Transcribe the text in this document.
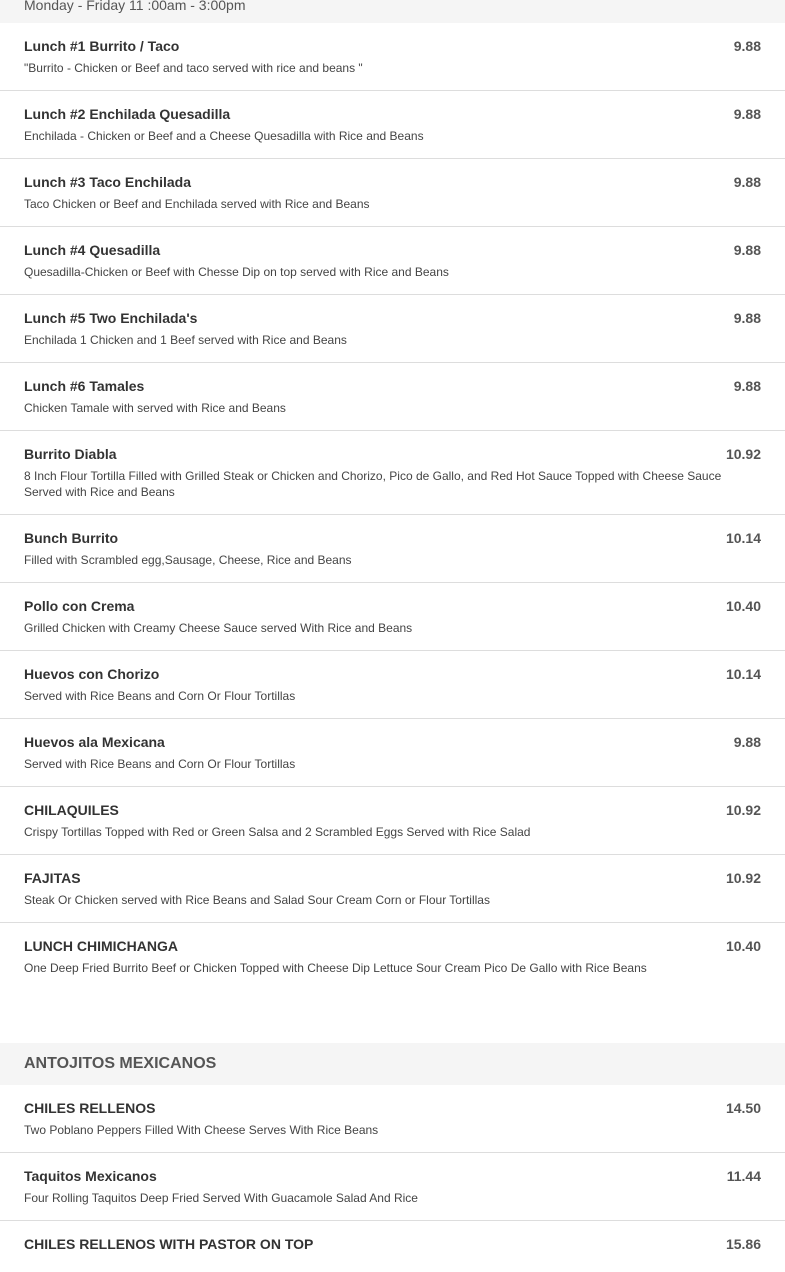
Monday - Friday 11 :00am - 3:00pm
Lunch #1 Burrito / Taco	9.88
"Burrito - Chicken or Beef and taco served with rice and beans "
Lunch #2 Enchilada Quesadilla	9.88
Enchilada - Chicken or Beef and a Cheese Quesadilla with Rice and Beans
Lunch #3 Taco Enchilada	9.88
Taco Chicken or Beef and Enchilada served with Rice and Beans
Lunch #4 Quesadilla	9.88
Quesadilla-Chicken or Beef with Chesse Dip on top served with Rice and Beans
Lunch #5 Two Enchilada's	9.88
Enchilada 1 Chicken and 1 Beef served with Rice and Beans
Lunch #6 Tamales	9.88
Chicken Tamale with served with Rice and Beans
Burrito Diabla	10.92
8 Inch Flour Tortilla Filled with Grilled Steak or Chicken and Chorizo, Pico de Gallo, and Red Hot Sauce Topped with Cheese Sauce Served with Rice and Beans
Bunch Burrito	10.14
Filled with Scrambled egg,Sausage, Cheese, Rice and Beans
Pollo con Crema	10.40
Grilled Chicken with Creamy Cheese Sauce served With Rice and Beans
Huevos con Chorizo	10.14
Served with Rice Beans and Corn Or Flour Tortillas
Huevos ala Mexicana	9.88
Served with Rice Beans and Corn Or Flour Tortillas
CHILAQUILES	10.92
Crispy Tortillas Topped with Red or Green Salsa and 2 Scrambled Eggs Served with Rice Salad
FAJITAS	10.92
Steak Or Chicken served with Rice Beans and Salad Sour Cream Corn or Flour Tortillas
LUNCH CHIMICHANGA	10.40
One Deep Fried Burrito Beef or Chicken Topped with Cheese Dip Lettuce Sour Cream Pico De Gallo with Rice Beans
ANTOJITOS MEXICANOS
CHILES RELLENOS	14.50
Two Poblano Peppers Filled With Cheese Serves With Rice Beans
Taquitos Mexicanos	11.44
Four Rolling Taquitos Deep Fried Served With Guacamole Salad And Rice
CHILES RELLENOS WITH PASTOR ON TOP	15.86
